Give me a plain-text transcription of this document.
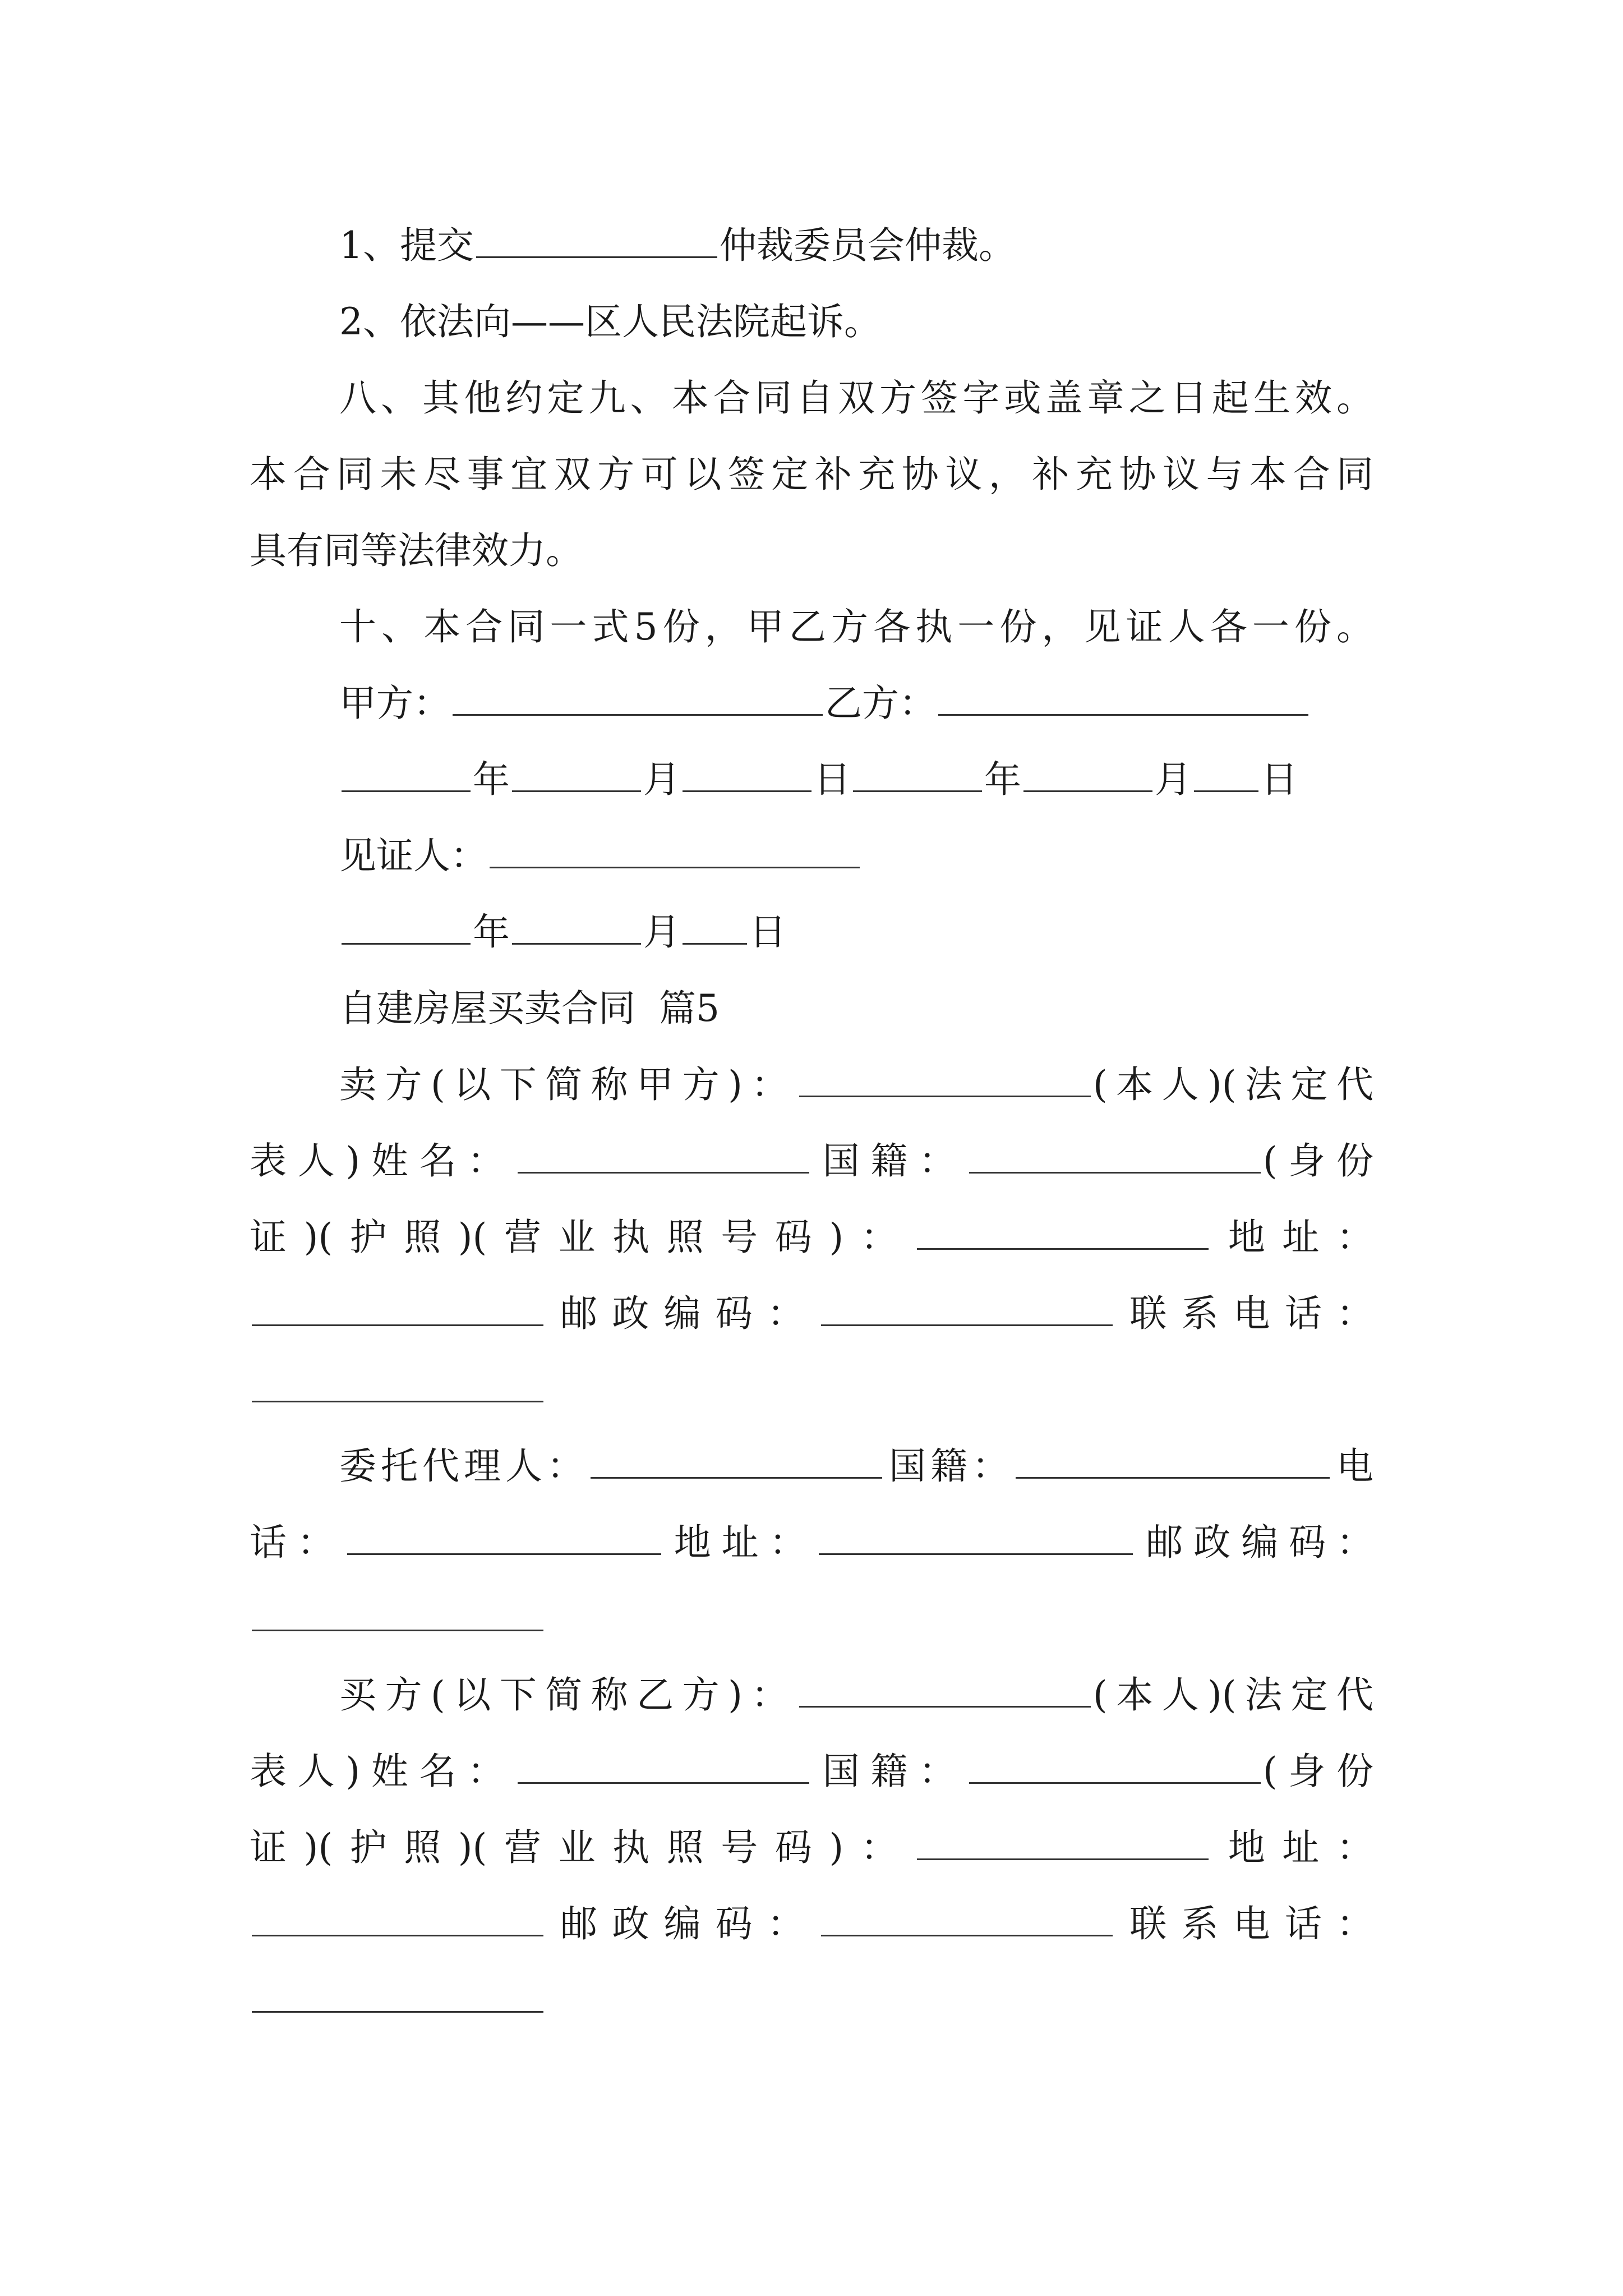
1、提交	仲裁委员会仲裁。
2、依法向——区人民法院起诉。
八、其他约定九、本合同自双方签字或盖章之日起生效。
本合同未尽事宜双方可以签定补充协议，补充协议与本合同
具有同等法律效力。
十、本合同一式5份，甲乙方各执一份，见证人各一份。
甲方：	乙方：
年	月	日	年	月 日
见证人：
年	月 日
自建房屋买卖合同  篇5
卖方(以下简称甲方)：	(本人)(法定代
表人)姓名：	国籍：	(身份
证)(护照)(营业执照号码)：	地址：
邮政编码：	联系电话：
委托代理人：	国籍：	电
话：	地址：	邮政编码：
买方(以下简称乙方)：	(本人)(法定代
表人)姓名：	国籍：	(身份
证)(护照)(营业执照号码)：	地址：
邮政编码：	联系电话：
